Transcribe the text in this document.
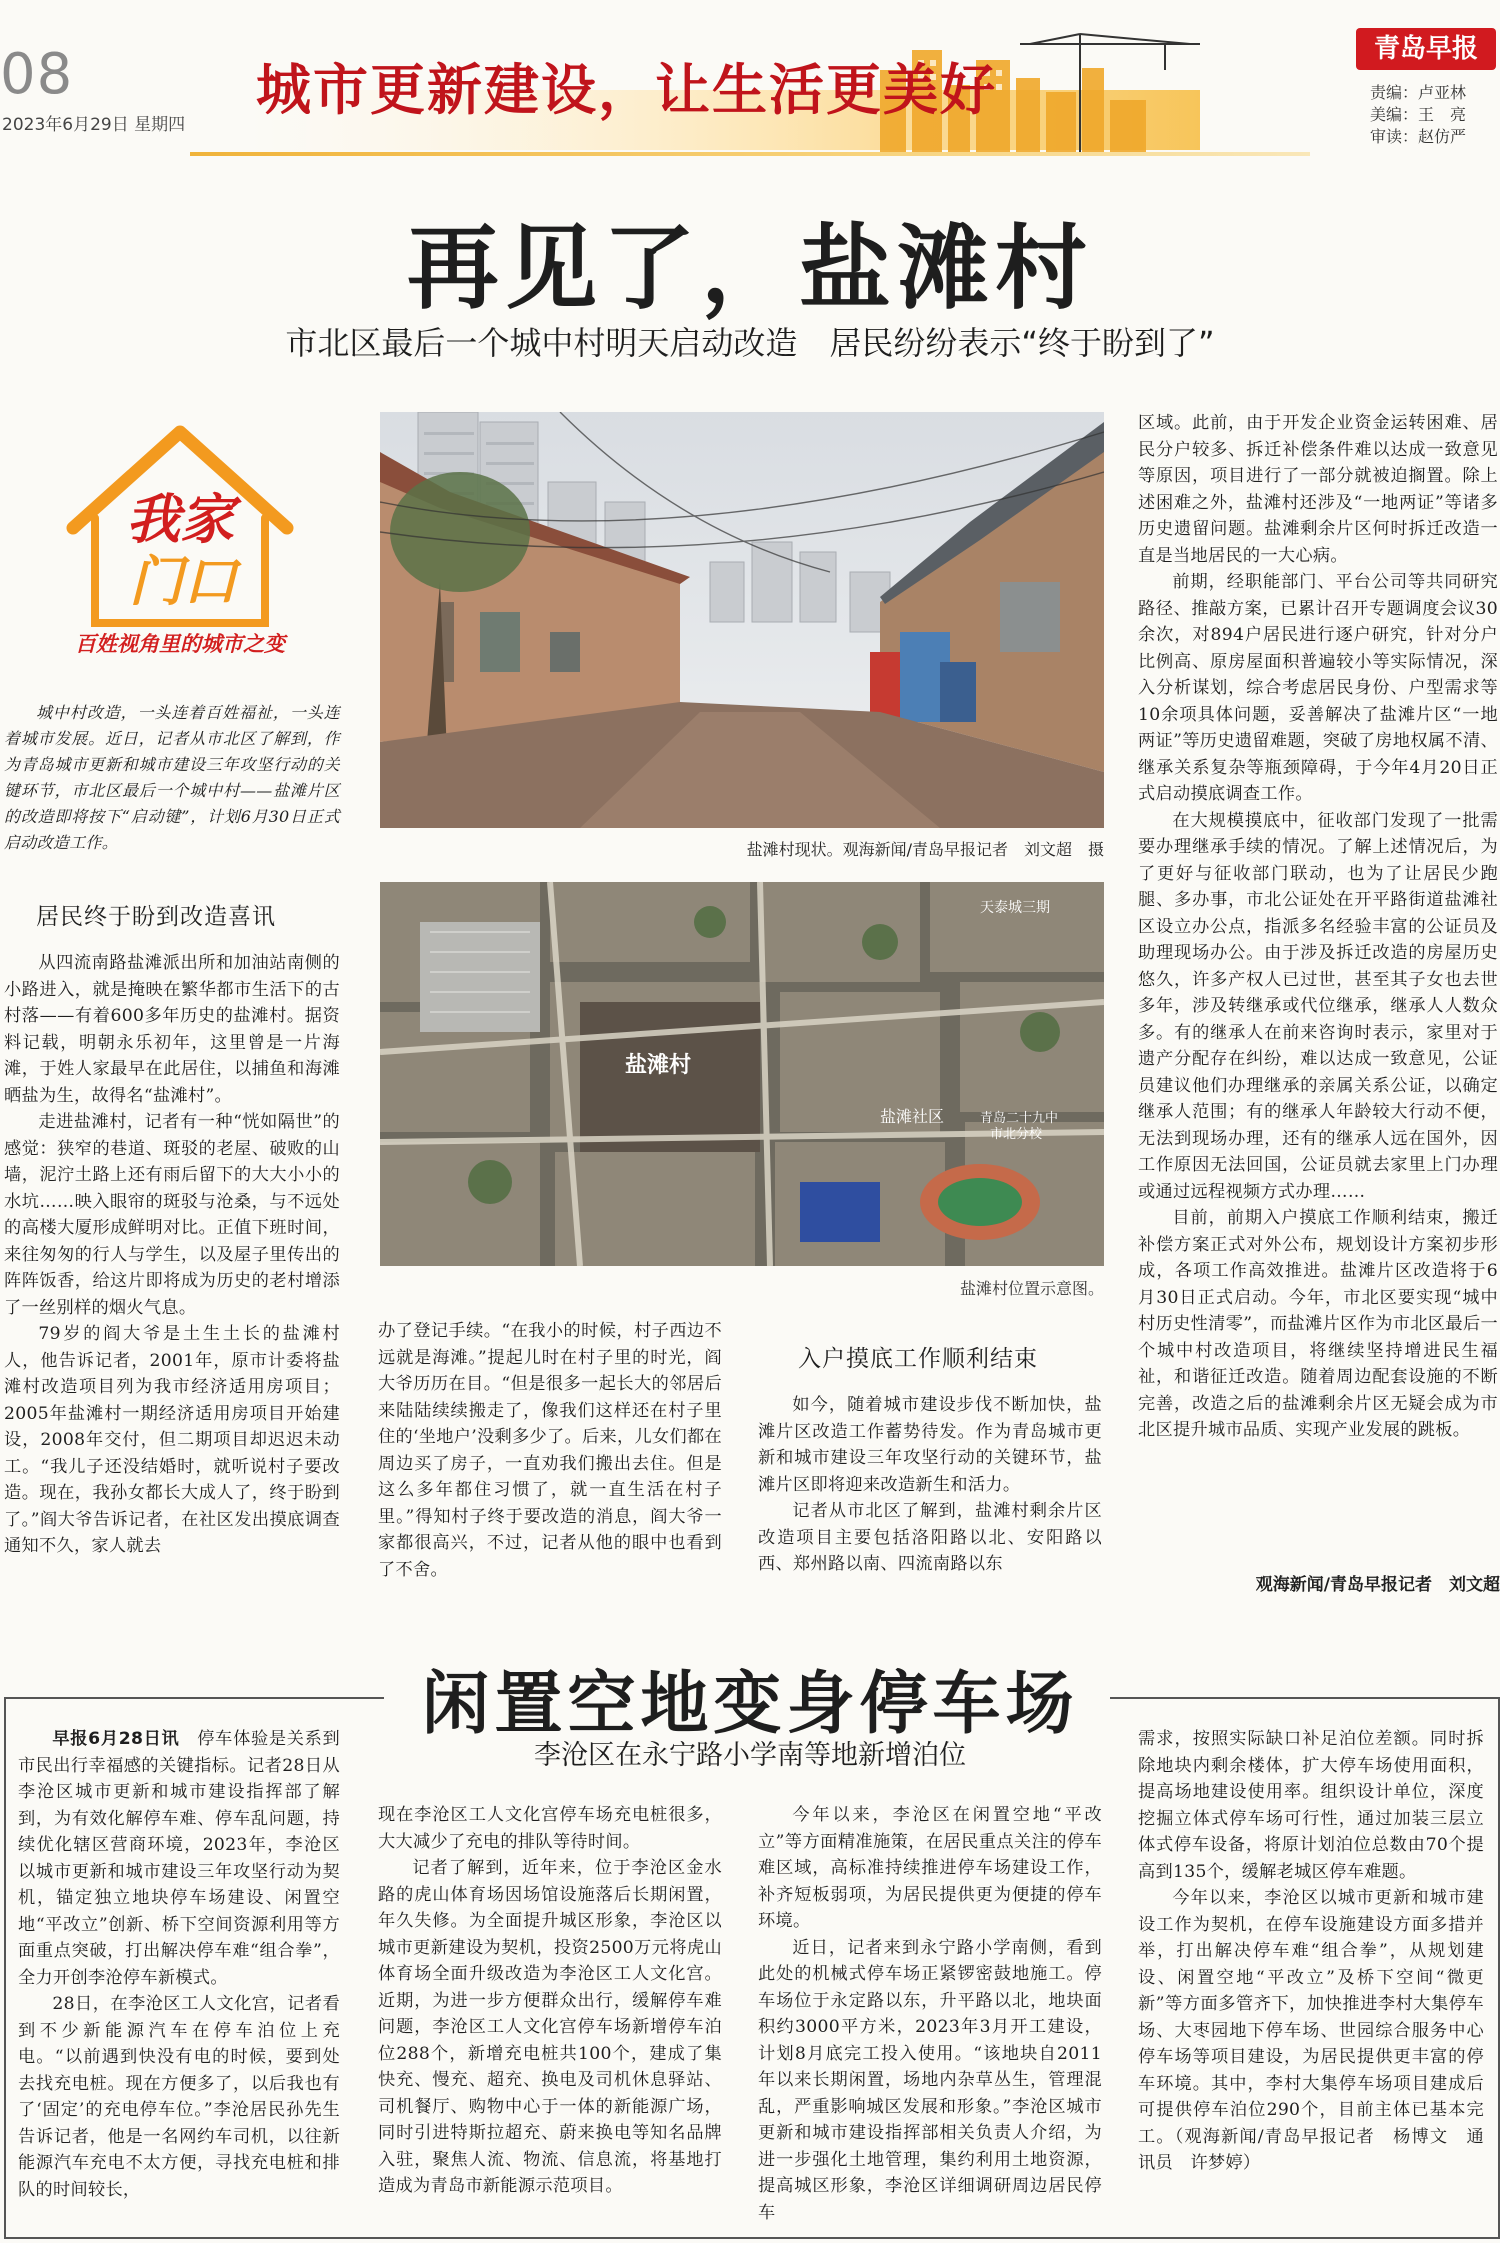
08
2023年6月29日 星期四
城市更新建设，让生活更美好
青岛早报
责编：卢亚林
美编：王　亮
审读：赵仿严
再见了，盐滩村
市北区最后一个城中村明天启动改造　居民纷纷表示“终于盼到了”
我家
门口
百姓视角里的城市之变

城中村改造，一头连着百姓福祉，一头连着城市发展。近日，记者从市北区了解到，作为青岛城市更新和城市建设三年攻坚行动的关键环节，市北区最后一个城中村——盐滩片区的改造即将按下“启动键”，计划6月30日正式启动改造工作。

居民终于盼到改造喜讯

从四流南路盐滩派出所和加油站南侧的小路进入，就是掩映在繁华都市生活下的古村落——有着600多年历史的盐滩村。据资料记载，明朝永乐初年，这里曾是一片海滩，于姓人家最早在此居住，以捕鱼和海滩晒盐为生，故得名“盐滩村”。

走进盐滩村，记者有一种“恍如隔世”的感觉：狭窄的巷道、斑驳的老屋、破败的山墙，泥泞土路上还有雨后留下的大大小小的水坑……映入眼帘的斑驳与沧桑，与不远处的高楼大厦形成鲜明对比。正值下班时间，来往匆匆的行人与学生，以及屋子里传出的阵阵饭香，给这片即将成为历史的老村增添了一丝别样的烟火气息。

79岁的阎大爷是土生土长的盐滩村人，他告诉记者，2001年，原市计委将盐滩村改造项目列为我市经济适用房项目；2005年盐滩村一期经济适用房项目开始建设，2008年交付，但二期项目却迟迟未动工。“我儿子还没结婚时，就听说村子要改造。现在，我孙女都长大成人了，终于盼到了。”阎大爷告诉记者，在社区发出摸底调查通知不久，家人就去

盐滩村现状。观海新闻/青岛早报记者　刘文超　摄
盐滩村
盐滩社区	青岛二十九中
市北分校
天泰城三期
盐滩村位置示意图。

办了登记手续。“在我小的时候，村子西边不远就是海滩。”提起儿时在村子里的时光，阎大爷历历在目。“但是很多一起长大的邻居后来陆陆续续搬走了，像我们这样还在村子里住的‘坐地户’没剩多少了。后来，儿女们都在周边买了房子，一直劝我们搬出去住。但是这么多年都住习惯了，就一直生活在村子里。”得知村子终于要改造的消息，阎大爷一家都很高兴，不过，记者从他的眼中也看到了不舍。

入户摸底工作顺利结束

如今，随着城市建设步伐不断加快，盐滩片区改造工作蓄势待发。作为青岛城市更新和城市建设三年攻坚行动的关键环节，盐滩片区即将迎来改造新生和活力。

记者从市北区了解到，盐滩村剩余片区改造项目主要包括洛阳路以北、安阳路以西、郑州路以南、四流南路以东

区域。此前，由于开发企业资金运转困难、居民分户较多、拆迁补偿条件难以达成一致意见等原因，项目进行了一部分就被迫搁置。除上述困难之外，盐滩村还涉及“一地两证”等诸多历史遗留问题。盐滩剩余片区何时拆迁改造一直是当地居民的一大心病。

前期，经职能部门、平台公司等共同研究路径、推敲方案，已累计召开专题调度会议30余次，对894户居民进行逐户研究，针对分户比例高、原房屋面积普遍较小等实际情况，深入分析谋划，综合考虑居民身份、户型需求等10余项具体问题，妥善解决了盐滩片区“一地两证”等历史遗留难题，突破了房地权属不清、继承关系复杂等瓶颈障碍，于今年4月20日正式启动摸底调查工作。

在大规模摸底中，征收部门发现了一批需要办理继承手续的情况。了解上述情况后，为了更好与征收部门联动，也为了让居民少跑腿、多办事，市北公证处在开平路街道盐滩社区设立办公点，指派多名经验丰富的公证员及助理现场办公。由于涉及拆迁改造的房屋历史悠久，许多产权人已过世，甚至其子女也去世多年，涉及转继承或代位继承，继承人人数众多。有的继承人在前来咨询时表示，家里对于遗产分配存在纠纷，难以达成一致意见，公证员建议他们办理继承的亲属关系公证，以确定继承人范围；有的继承人年龄较大行动不便，无法到现场办理，还有的继承人远在国外，因工作原因无法回国，公证员就去家里上门办理或通过远程视频方式办理……

目前，前期入户摸底工作顺利结束，搬迁补偿方案正式对外公布，规划设计方案初步形成，各项工作高效推进。盐滩片区改造将于6月30日正式启动。今年，市北区要实现“城中村历史性清零”，而盐滩片区作为市北区最后一个城中村改造项目，将继续坚持增进民生福祉，和谐征迁改造。随着周边配套设施的不断完善，改造之后的盐滩剩余片区无疑会成为市北区提升城市品质、实现产业发展的跳板。

观海新闻/青岛早报记者　刘文超
闲置空地变身停车场
李沧区在永宁路小学南等地新增泊位

早报6月28日讯　 停车体验是关系到市民出行幸福感的关键指标。记者28日从李沧区城市更新和城市建设指挥部了解到，为有效化解停车难、停车乱问题，持续优化辖区营商环境，2023年，李沧区以城市更新和城市建设三年攻坚行动为契机，锚定独立地块停车场建设、闲置空地“平改立”创新、桥下空间资源利用等方面重点突破，打出解决停车难“组合拳”，全力开创李沧停车新模式。

28日，在李沧区工人文化宫，记者看到不少新能源汽车在停车泊位上充电。“以前遇到快没有电的时候，要到处去找充电桩。现在方便多了，以后我也有了‘固定’的充电停车位。”李沧居民孙先生告诉记者，他是一名网约车司机，以往新能源汽车充电不太方便，寻找充电桩和排队的时间较长，

现在李沧区工人文化宫停车场充电桩很多，大大减少了充电的排队等待时间。

记者了解到，近年来，位于李沧区金水路的虎山体育场因场馆设施落后长期闲置，年久失修。为全面提升城区形象，李沧区以城市更新建设为契机，投资2500万元将虎山体育场全面升级改造为李沧区工人文化宫。近期，为进一步方便群众出行，缓解停车难问题，李沧区工人文化宫停车场新增停车泊位288个，新增充电桩共100个，建成了集快充、慢充、超充、换电及司机休息驿站、司机餐厅、购物中心于一体的新能源广场，同时引进特斯拉超充、蔚来换电等知名品牌入驻，聚焦人流、物流、信息流，将基地打造成为青岛市新能源示范项目。

今年以来，李沧区在闲置空地“平改立”等方面精准施策，在居民重点关注的停车难区域，高标准持续推进停车场建设工作，补齐短板弱项，为居民提供更为便捷的停车环境。

近日，记者来到永宁路小学南侧，看到此处的机械式停车场正紧锣密鼓地施工。停车场位于永定路以东，升平路以北，地块面积约3000平方米，2023年3月开工建设，计划8月底完工投入使用。“该地块自2011年以来长期闲置，场地内杂草丛生，管理混乱，严重影响城区发展和形象。”李沧区城市更新和城市建设指挥部相关负责人介绍，为进一步强化土地管理，集约利用土地资源，提高城区形象，李沧区详细调研周边居民停车

需求，按照实际缺口补足泊位差额。同时拆除地块内剩余楼体，扩大停车场使用面积，提高场地建设使用率。组织设计单位，深度挖掘立体式停车场可行性，通过加装三层立体式停车设备，将原计划泊位总数由70个提高到135个，缓解老城区停车难题。

今年以来，李沧区以城市更新和城市建设工作为契机，在停车设施建设方面多措并举，打出解决停车难“组合拳”，从规划建设、闲置空地“平改立”及桥下空间“微更新”等方面多管齐下，加快推进李村大集停车场、大枣园地下停车场、世园综合服务中心停车场等项目建设，为居民提供更丰富的停车环境。其中，李村大集停车场项目建成后可提供停车泊位290个，目前主体已基本完工。（观海新闻/青岛早报记者　杨博文　通讯员　许梦婷）
